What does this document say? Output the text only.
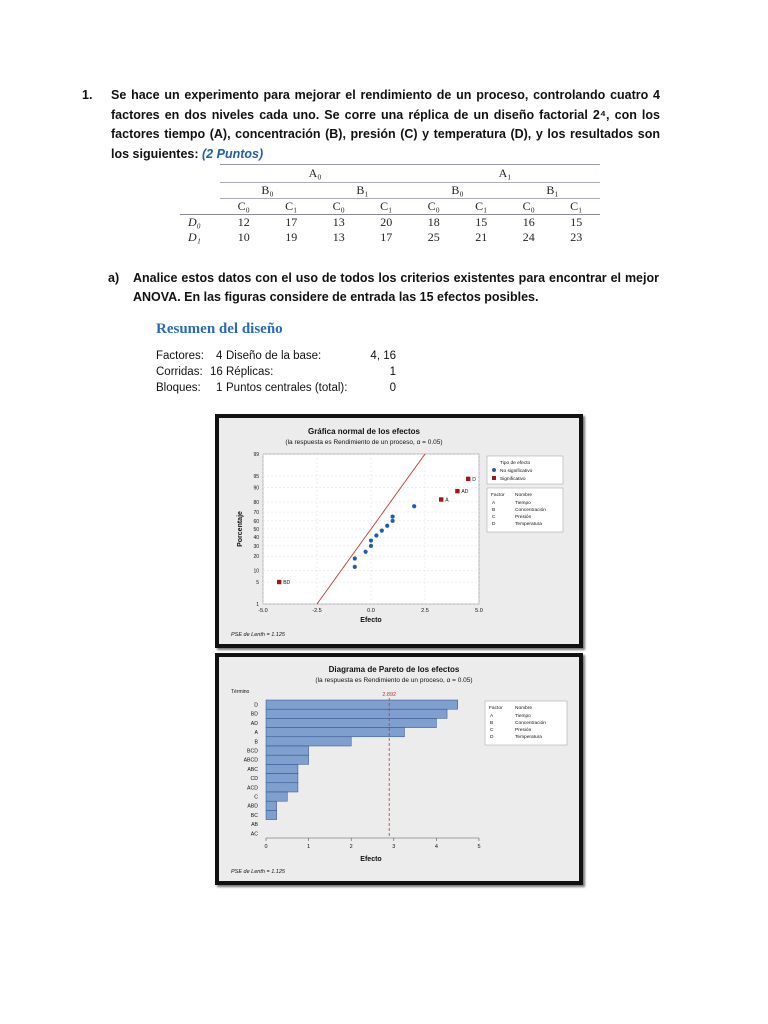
1. Se hace un experimento para mejorar el rendimiento de un proceso, controlando cuatro 4 factores en dos niveles cada uno. Se corre una réplica de un diseño factorial 2⁴, con los factores tiempo (A), concentración (B), presión (C) y temperatura (D), y los resultados son los siguientes: (2 Puntos)
	A₀				A₁			
	B₀		B₁		B₀		B₁	
	C₀	C₁	C₀	C₁	C₀	C₁	C₀	C₁
D₀	12	17	13	20	18	15	16	15
D₁	10	19	13	17	25	21	24	23
a) Analice estos datos con el uso de todos los criterios existentes para encontrar el mejor ANOVA. En las figuras considere de entrada las 15 efectos posibles.
Resumen del diseño
Factores: 4 Diseño de la base:	4, 16
Corridas: 16 Réplicas:	1
Bloques: 1 Puntos centrales (total):	0
Gráfica normal de los efectos
(la respuesta es Rendimiento de un proceso, α = 0.05)
1
5
10
20
30
40
50
60
70
80
90
95
99
-5.0	-2.5	0.0	2.5	5.0
BD
A
AD
D
Efecto
Porcentaje
Tipo de efecto
No significativo
Significativo
Factor Nombre
A	Tiempo
B	Concentración
C	Presión
D	Temperatura
PSE de Lenth = 1.125
Diagrama de Pareto de los efectos
(la respuesta es Rendimiento de un proceso, α = 0.05)
Término
D
BD
AD
A
B
BCD
ABCD
ABC
CD
ACD
C
ABD
BC
AB
AC
0	1	2	3	4	5
2.892
Efecto
Factor	Nombre
A	Tiempo
B	Concentración
C	Presión
D	Temperatura
PSE de Lenth = 1.125
